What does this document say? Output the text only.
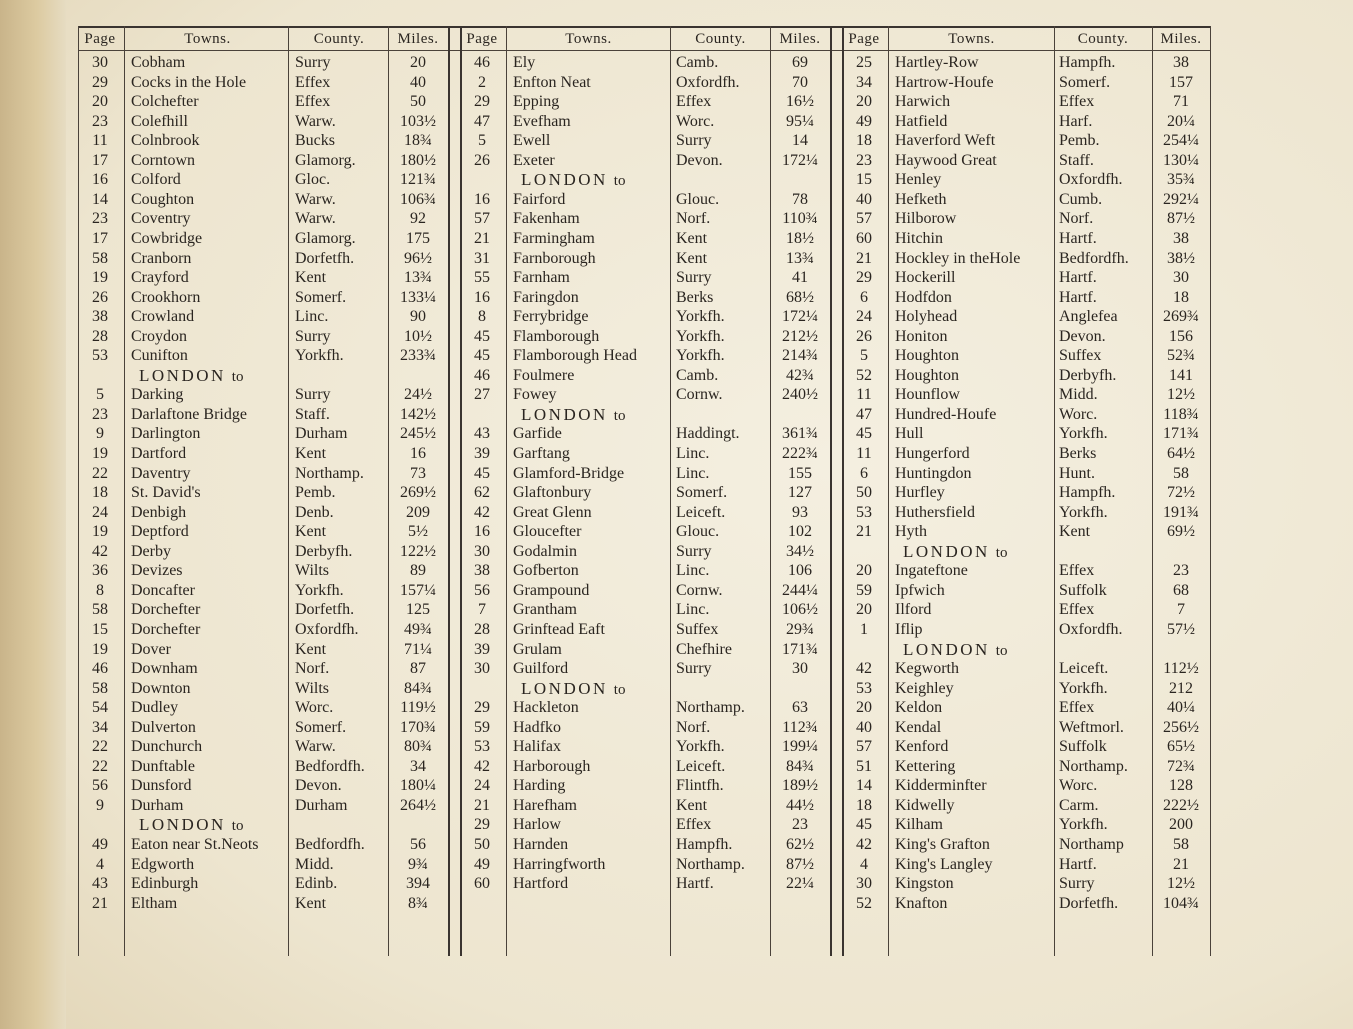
Page	Towns.	County.	Miles.	Page	Towns.	County.	Miles.	Page	Towns.	County.	Miles.
30	Cobham	Surry	20
29	Cocks in the Hole	Effex	40
20	Colchefter	Effex	50
23	Colefhill	Warw.	103½
11	Colnbrook	Bucks	18¾
17	Corntown	Glamorg.	180½
16	Colford	Gloc.	121¾
14	Coughton	Warw.	106¾
23	Coventry	Warw.	92
17	Cowbridge	Glamorg.	175
58	Cranborn	Dorfetfh.	96½
19	Crayford	Kent	13¾
26	Crookhorn	Somerf.	133¼
38	Crowland	Linc.	90
28	Croydon	Surry	10½
53	Cunifton	Yorkfh.	233¾
LONDON to
5	Darking	Surry	24½
23	Darlaftone Bridge	Staff.	142½
9	Darlington	Durham	245½
19	Dartford	Kent	16
22	Daventry	Northamp.	73
18	St. David's	Pemb.	269½
24	Denbigh	Denb.	209
19	Deptford	Kent	5½
42	Derby	Derbyfh.	122½
36	Devizes	Wilts	89
8	Doncafter	Yorkfh.	157¼
58	Dorchefter	Dorfetfh.	125
15	Dorchefter	Oxfordfh.	49¾
19	Dover	Kent	71¼
46	Downham	Norf.	87
58	Downton	Wilts	84¾
54	Dudley	Worc.	119½
34	Dulverton	Somerf.	170¾
22	Dunchurch	Warw.	80¾
22	Dunftable	Bedfordfh.	34
56	Dunsford	Devon.	180¼
9	Durham	Durham	264½
LONDON to
49	Eaton near St.Neots	Bedfordfh.	56
4	Edgworth	Midd.	9¾
43	Edinburgh	Edinb.	394
21	Eltham	Kent	8¾
46	Ely	Camb.	69
2	Enfton Neat	Oxfordfh.	70
29	Epping	Effex	16½
47	Evefham	Worc.	95¼
5	Ewell	Surry	14
26	Exeter	Devon.	172¼
LONDON to
16	Fairford	Glouc.	78
57	Fakenham	Norf.	110¾
21	Farmingham	Kent	18½
31	Farnborough	Kent	13¾
55	Farnham	Surry	41
16	Faringdon	Berks	68½
8	Ferrybridge	Yorkfh.	172¼
45	Flamborough	Yorkfh.	212½
45	Flamborough Head	Yorkfh.	214¾
46	Foulmere	Camb.	42¾
27	Fowey	Cornw.	240½
LONDON to
43	Garfide	Haddingt.	361¾
39	Garftang	Linc.	222¾
45	Glamford-Bridge	Linc.	155
62	Glaftonbury	Somerf.	127
42	Great Glenn	Leiceft.	93
16	Gloucefter	Glouc.	102
30	Godalmin	Surry	34½
38	Gofberton	Linc.	106
56	Grampound	Cornw.	244¼
7	Grantham	Linc.	106½
28	Grinftead Eaft	Suffex	29¾
39	Grulam	Chefhire	171¾
30	Guilford	Surry	30
LONDON to
29	Hackleton	Northamp.	63
59	Hadfko	Norf.	112¾
53	Halifax	Yorkfh.	199¼
42	Harborough	Leiceft.	84¾
24	Harding	Flintfh.	189½
21	Harefham	Kent	44½
29	Harlow	Effex	23
50	Harnden	Hampfh.	62½
49	Harringfworth	Northamp.	87½
60	Hartford	Hartf.	22¼
25	Hartley-Row	Hampfh.	38
34	Hartrow-Houfe	Somerf.	157
20	Harwich	Effex	71
49	Hatfield	Harf.	20¼
18	Haverford Weft	Pemb.	254¼
23	Haywood Great	Staff.	130¼
15	Henley	Oxfordfh.	35¾
40	Hefketh	Cumb.	292¼
57	Hilborow	Norf.	87½
60	Hitchin	Hartf.	38
21	Hockley in theHole	Bedfordfh.	38½
29	Hockerill	Hartf.	30
6	Hodfdon	Hartf.	18
24	Holyhead	Anglefea	269¾
26	Honiton	Devon.	156
5	Houghton	Suffex	52¾
52	Houghton	Derbyfh.	141
11	Hounflow	Midd.	12½
47	Hundred-Houfe	Worc.	118¾
45	Hull	Yorkfh.	171¾
11	Hungerford	Berks	64½
6	Huntingdon	Hunt.	58
50	Hurfley	Hampfh.	72½
53	Huthersfield	Yorkfh.	191¾
21	Hyth	Kent	69½
LONDON to
20	Ingateftone	Effex	23
59	Ipfwich	Suffolk	68
20	Ilford	Effex	7
1	Iflip	Oxfordfh.	57½
LONDON to
42	Kegworth	Leiceft.	112½
53	Keighley	Yorkfh.	212
20	Keldon	Effex	40¼
40	Kendal	Weftmorl.	256½
57	Kenford	Suffolk	65½
51	Kettering	Northamp.	72¾
14	Kidderminfter	Worc.	128
18	Kidwelly	Carm.	222½
45	Kilham	Yorkfh.	200
42	King's Grafton	Northamp	58
4	King's Langley	Hartf.	21
30	Kingston	Surry	12½
52	Knafton	Dorfetfh.	104¾
